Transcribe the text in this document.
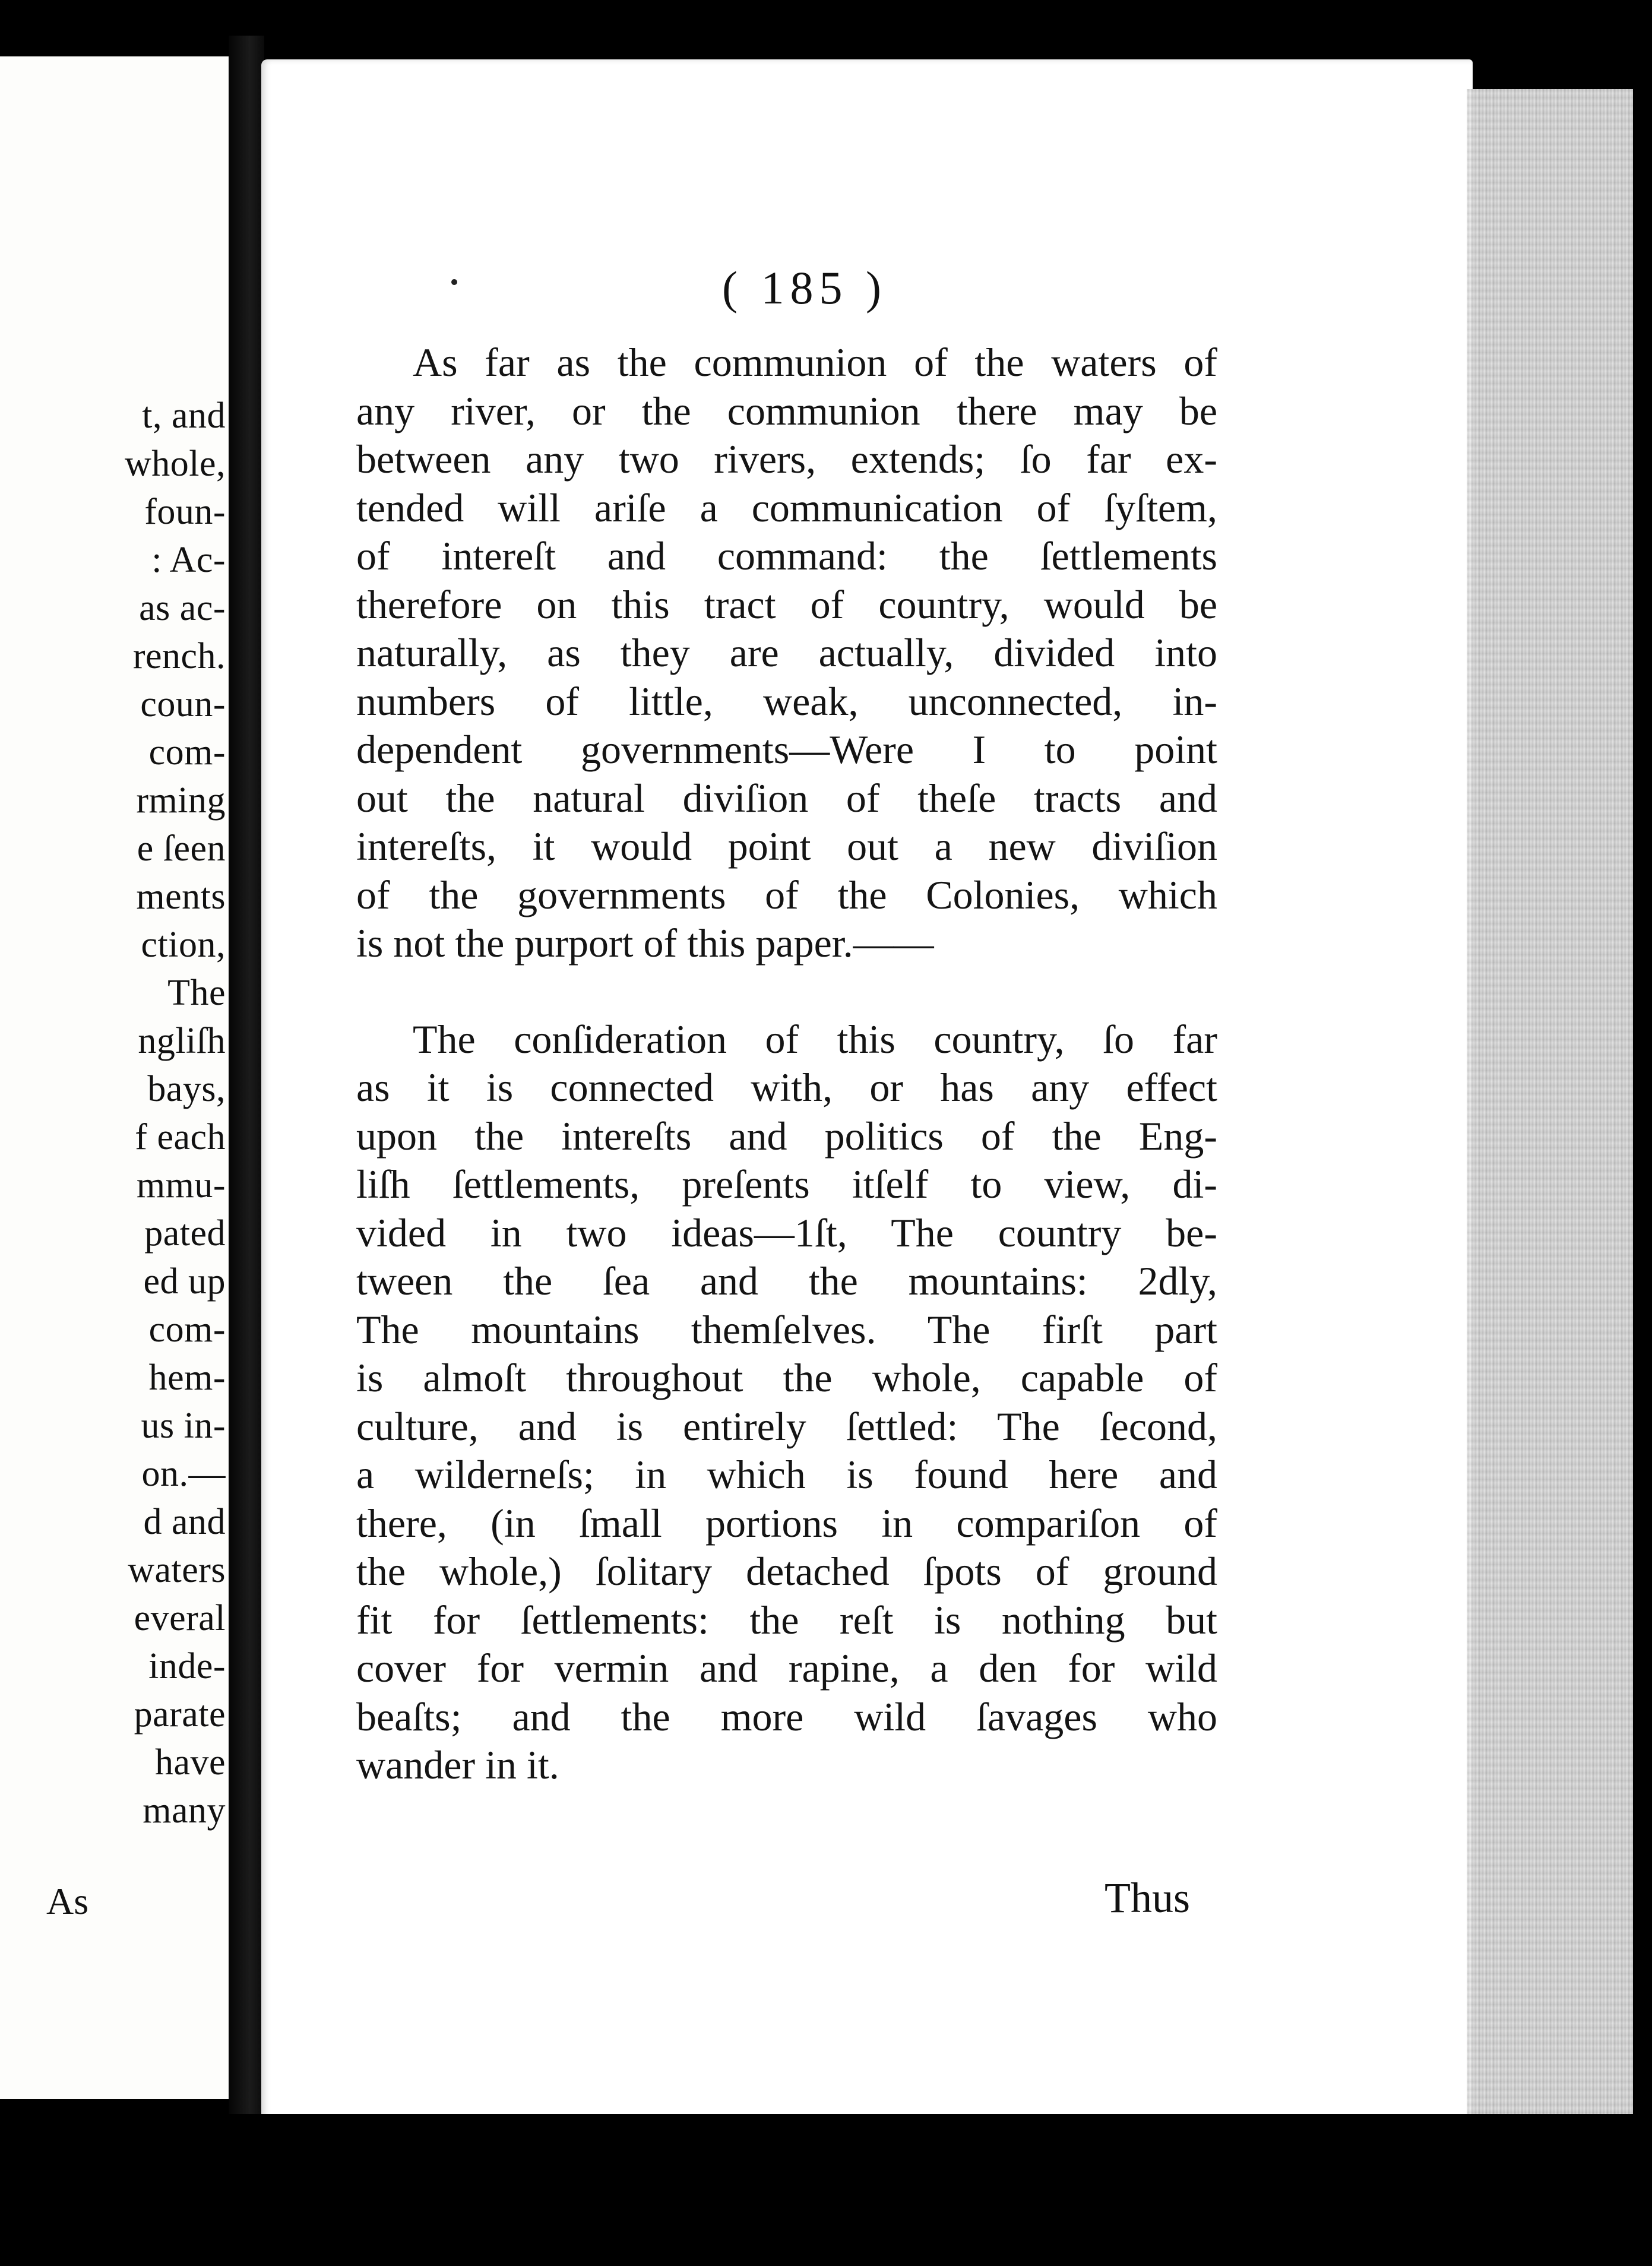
t, and
whole,
foun-
: Ac-
as ac-
rench.
coun-
com-
rming
e ſeen
ments
ction,
The
ngliſh
bays,
f each
mmu-
pated
ed up
com-
hem-
us in-
on.—
d and
waters
everal
inde-
parate
have
many
As
( 185 )

As far as the communion of the waters of
any river, or the communion there may be
between any two rivers, extends; ſo far ex-
tended will ariſe a communication of ſyſtem,
of intereſt and command: the ſettlements
therefore on this tract of country, would be
naturally, as they are actually, divided into
numbers of little, weak, unconnected, in-
dependent governments—Were I to point
out the natural diviſion of theſe tracts and
intereſts, it would point out a new diviſion
of the governments of the Colonies, which
is not the purport of this paper.——

The conſideration of this country, ſo far
as it is connected with, or has any effect
upon the intereſts and politics of the Eng-
liſh ſettlements, preſents itſelf to view, di-
vided in two ideas—1ſt, The country be-
tween the ſea and the mountains: 2dly,
The mountains themſelves. The firſt part
is almoſt throughout the whole, capable of
culture, and is entirely ſettled: The ſecond,
a wilderneſs; in which is found here and
there, (in ſmall portions in compariſon of
the whole,) ſolitary detached ſpots of ground
fit for ſettlements: the reſt is nothing but
cover for vermin and rapine, a den for wild
beaſts; and the more wild ſavages who
wander in it.

Thus
